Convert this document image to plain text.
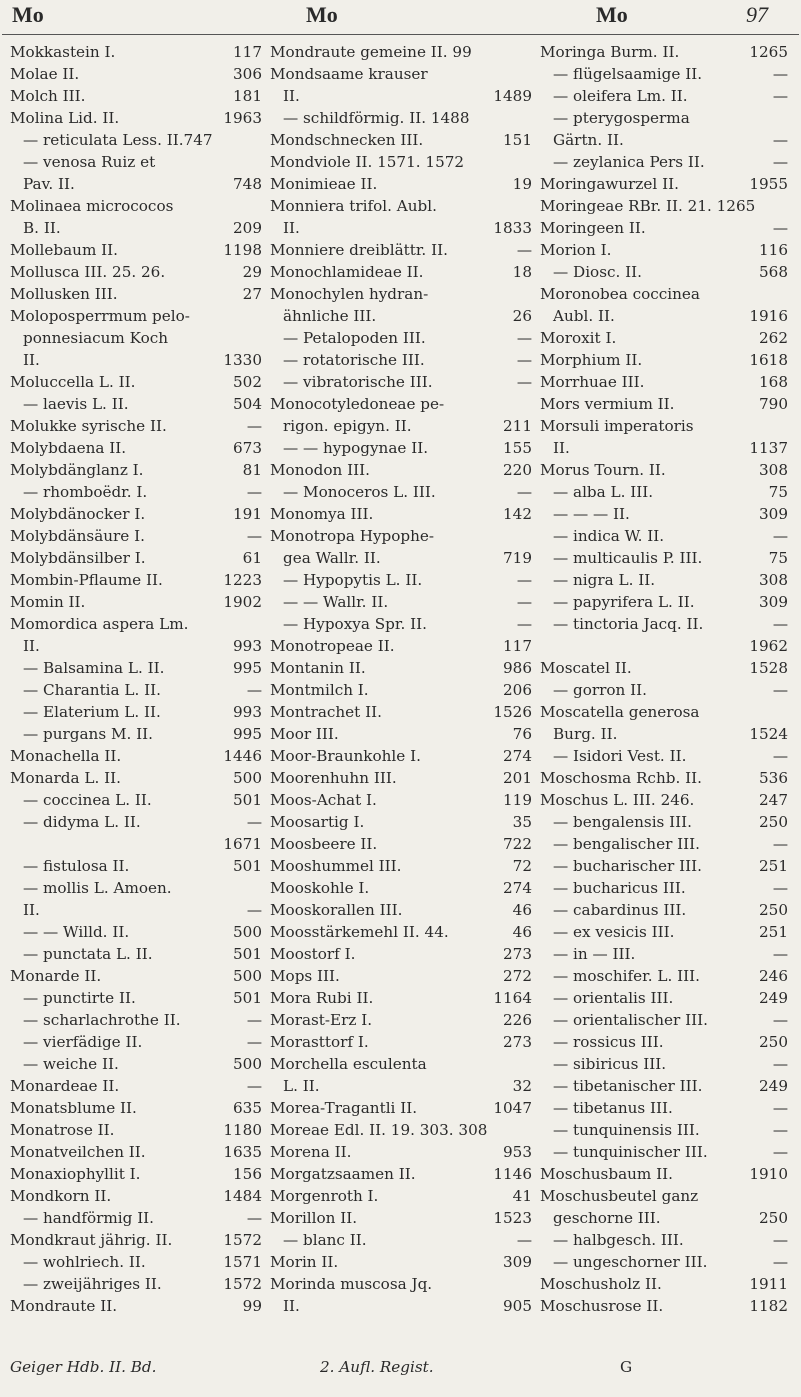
Mo	Mo	Mo	97
Mokkastein I.	117
Molae II.	306
Molch III.	181
Molina Lid. II.	1963
— reticulata Less. II.747
— venosa Ruiz et
Pav. II.	748
Molinaea micrococos
B. II.	209
Mollebaum II.	1198
Mollusca III. 25. 26.	29
Mollusken III.	27
Moloposperrmum pelo-
ponnesiacum Koch
II.	1330
Moluccella L. II.	502
— laevis L. II.	504
Molukke syrische II.	—
Molybdaena II.	673
Molybdänglanz I.	81
— rhomboëdr. I.	—
Molybdänocker I.	191
Molybdänsäure I.	—
Molybdänsilber I.	61
Mombin-Pflaume II.	1223
Momin II.	1902
Momordica aspera Lm.
II.	993
— Balsamina L. II.	995
— Charantia L. II.	—
— Elaterium L. II.	993
— purgans M. II.	995
Monachella II.	1446
Monarda L. II.	500
— coccinea L. II.	501
— didyma L. II.	—
1671
— fistulosa II.	501
— mollis L. Amoen.
II.	—
— — Willd. II.	500
— punctata L. II.	501
Monarde II.	500
— punctirte II.	501
— scharlachrothe II.	—
— vierfädige II.	—
— weiche II.	500
Monardeae II.	—
Monatsblume II.	635
Monatrose II.	1180
Monatveilchen II.	1635
Monaxiophyllit I.	156
Mondkorn II.	1484
— handförmig II.	—
Mondkraut jährig. II.	1572
— wohlriech. II.	1571
— zweijähriges II.	1572
Mondraute II.	99
Mondraute gemeine II. 99
Mondsaame krauser
II.	1489
— schildförmig. II. 1488
Mondschnecken III.	151
Mondviole II. 1571. 1572
Monimieae II.	19
Monniera trifol. Aubl.
II.	1833
Monniere dreiblättr. II.	—
Monochlamideae II.	18
Monochylen hydran-
ähnliche III.	26
— Petalopoden III.	—
— rotatorische III.	—
— vibratorische III.	—
Monocotyledoneae pe-
rigon. epigyn. II.	211
— — hypogynae II.	155
Monodon III.	220
— Monoceros L. III.	—
Monomya III.	142
Monotropa Hypophe-
gea Wallr. II.	719
— Hypopytis L. II.	—
— — Wallr. II.	—
— Hypoxya Spr. II.	—
Monotropeae II.	117
Montanin II.	986
Montmilch I.	206
Montrachet II.	1526
Moor III.	76
Moor-Braunkohle I.	274
Moorenhuhn III.	201
Moos-Achat I.	119
Moosartig I.	35
Moosbeere II.	722
Mooshummel III.	72
Mooskohle I.	274
Mooskorallen III.	46
Moosstärkemehl II. 44.	46
Moostorf I.	273
Mops III.	272
Mora Rubi II.	1164
Morast-Erz I.	226
Morasttorf I.	273
Morchella esculenta
L. II.	32
Morea-Tragantli II.	1047
Moreae Edl. II. 19. 303. 308
Morena II.	953
Morgatzsaamen II.	1146
Morgenroth I.	41
Morillon II.	1523
— blanc II.	—
Morin II.	309
Morinda muscosa Jq.
II.	905
Moringa Burm. II.	1265
— flügelsaamige II.	—
— oleifera Lm. II.	—
— pterygosperma
Gärtn. II.	—
— zeylanica Pers II.	—
Moringawurzel II.	1955
Moringeae RBr. II. 21. 1265
Moringeen II.	—
Morion I.	116
— Diosc. II.	568
Moronobea coccinea
Aubl. II.	1916
Moroxit I.	262
Morphium II.	1618
Morrhuae III.	168
Mors vermium II.	790
Morsuli imperatoris
II.	1137
Morus Tourn. II.	308
— alba L. III.	75
— — — II.	309
— indica W. II.	—
— multicaulis P. III.	75
— nigra L. II.	308
— papyrifera L. II.	309
— tinctoria Jacq. II.	—
1962
Moscatel II.	1528
— gorron II.	—
Moscatella generosa
Burg. II.	1524
— Isidori Vest. II.	—
Moschosma Rchb. II.	536
Moschus L. III. 246.	247
— bengalensis III.	250
— bengalischer III.	—
— bucharischer III.	251
— bucharicus III.	—
— cabardinus III.	250
— ex vesicis III.	251
— in — III.	—
— moschifer. L. III.	246
— orientalis III.	249
— orientalischer III.	—
— rossicus III.	250
— sibiricus III.	—
— tibetanischer III.	249
— tibetanus III.	—
— tunquinensis III.	—
— tunquinischer III.	—
Moschusbaum II.	1910
Moschusbeutel ganz
geschorne III.	250
— halbgesch. III.	—
— ungeschorner III.	—
Moschusholz II.	1911
Moschusrose II.	1182
Geiger Hdb. II. Bd.	2. Aufl. Regist.	G
